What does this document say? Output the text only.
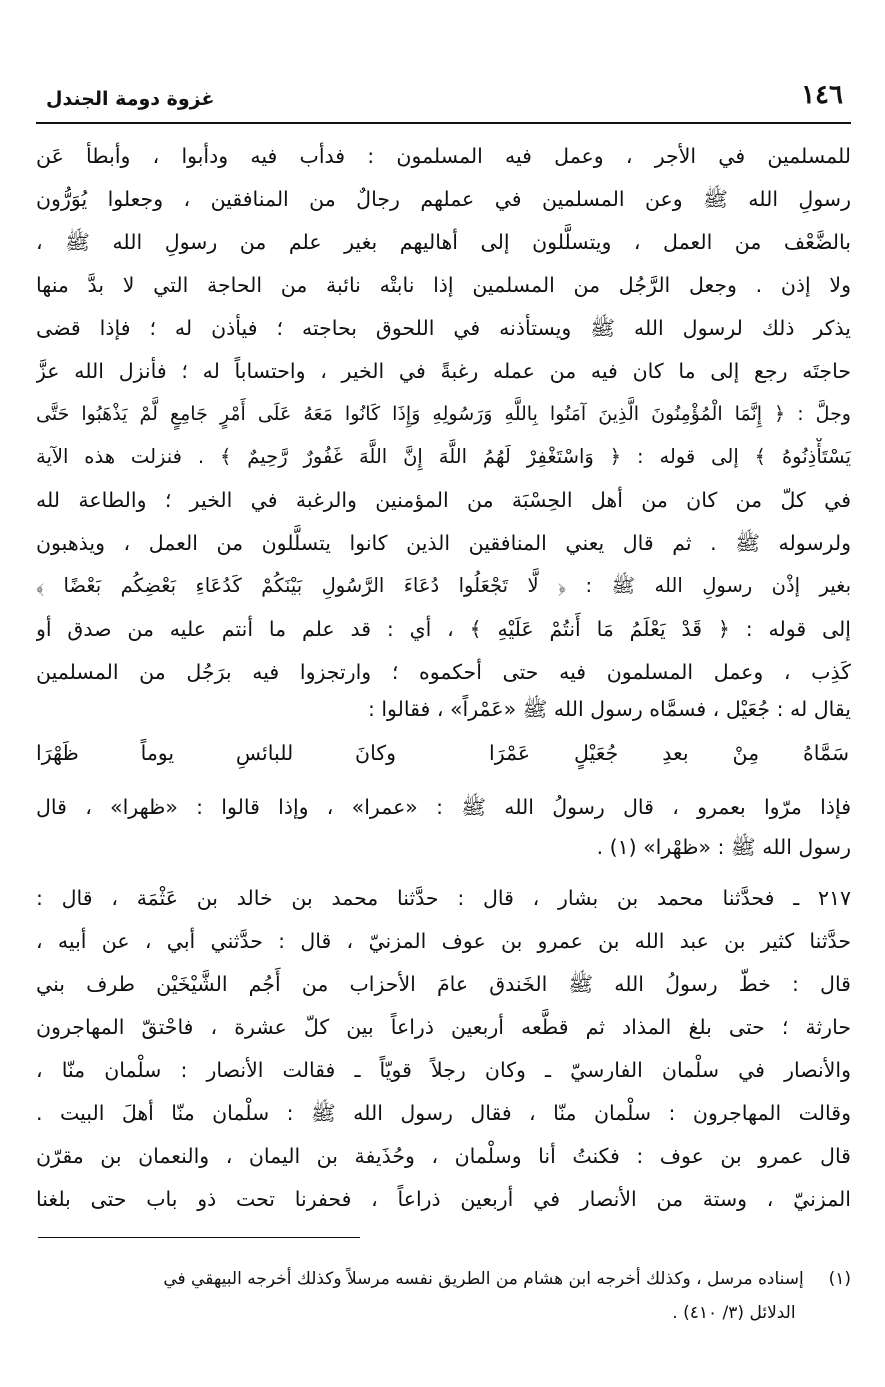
١٤٦
غزوة دومة الجندل
للمسلمين في الأجر ، وعمل فيه المسلمون : فدأب فيه ودأبوا ، وأبطأ عَن
رسولِ الله ﷺ وعن المسلمين في عملهم رجالٌ من المنافقين ، وجعلوا يُوَرُّون
بالضَّعْف من العمل ، ويتسلَّلون إلى أهاليهم بغير علم من رسولِ الله ﷺ ،
ولا إذن . وجعل الرَّجُل من المسلمين إذا نابتْه نائبة من الحاجة التي لا بدَّ منها
يذكر ذلك لرسول الله ﷺ ويستأذنه في اللحوق بحاجته ؛ فيأذن له ؛ فإذا قضى
حاجتَه رجع إلى ما كان فيه من عمله رغبةً في الخير ، واحتساباً له ؛ فأنزل الله عزَّ
وجلَّ : ﴿ إِنَّمَا الْمُؤْمِنُونَ الَّذِينَ آمَنُوا بِاللَّهِ وَرَسُولِهِ وَإِذَا كَانُوا مَعَهُ عَلَى أَمْرٍ جَامِعٍ لَّمْ يَذْهَبُوا حَتَّى
يَسْتَأْذِنُوهُ ﴾ إلى قوله : ﴿ وَاسْتَغْفِرْ لَهُمُ اللَّهَ إِنَّ اللَّهَ غَفُورٌ رَّحِيمٌ ﴾ . فنزلت هذه الآية
في كلّ من كان من أهل الحِسْبَة من المؤمنين والرغبة في الخير ؛ والطاعة لله
ولرسوله ﷺ . ثم قال يعني المنافقين الذين كانوا يتسلَّلون من العمل ، ويذهبون
بغير إذْن رسولِ الله ﷺ : ﴿ لَّا تَجْعَلُوا دُعَاءَ الرَّسُولِ بَيْنَكُمْ كَدُعَاءِ بَعْضِكُم بَعْضًا ﴾
إلى قوله : ﴿ قَدْ يَعْلَمُ مَا أَنتُمْ عَلَيْهِ ﴾ ، أي : قد علم ما أنتم عليه من صدق أو
كَذِب ، وعمل المسلمون فيه حتى أحكموه ؛ وارتجزوا فيه برَجُل من المسلمين
يقال له : جُعَيْل ، فسمَّاه رسول الله ﷺ «عَمْراً» ، فقالوا :
سَمَّاهُ مِنْ بعدِ جُعَيْلٍ عَمْرَا
وكانَ للبائسِ يوماً ظَهْرَا
فإذا مرّوا بعمرو ، قال رسولُ الله ﷺ : «عمرا» ، وإذا قالوا : «ظهرا» ، قال
رسول الله ﷺ : «ظهْرا» (١) .
٢١٧ ـ فحدَّثنا محمد بن بشار ، قال : حدَّثنا محمد بن خالد بن عَثْمَة ، قال :
حدَّثنا كثير بن عبد الله بن عمرو بن عوف المزنيّ ، قال : حدَّثني أبي ، عن أبيه ،
قال : خطّ رسولُ الله ﷺ الخَندق عامَ الأحزاب من أَجُم الشَّيْخَيْن طرف بني
حارثة ؛ حتى بلغ المذاد ثم قطَّعه أربعين ذراعاً بين كلّ عشرة ، فاحْتقّ المهاجرون
والأنصار في سلْمان الفارسيّ ـ وكان رجلاً قويّاً ـ فقالت الأنصار : سلْمان منّا ،
وقالت المهاجرون : سلْمان منّا ، فقال رسول الله ﷺ : سلْمان منّا أهلَ البيت .
قال عمرو بن عوف : فكنتُ أنا وسلْمان ، وحُذَيفة بن اليمان ، والنعمان بن مقرّن
المزنيّ ، وستة من الأنصار في أربعين ذراعاً ، فحفرنا تحت ذو باب حتى بلغنا
(١)  إسناده مرسل ، وكذلك أخرجه ابن هشام من الطريق نفسه مرسلاً وكذلك أخرجه البيهقي في
الدلائل (٣/ ٤١٠) .
